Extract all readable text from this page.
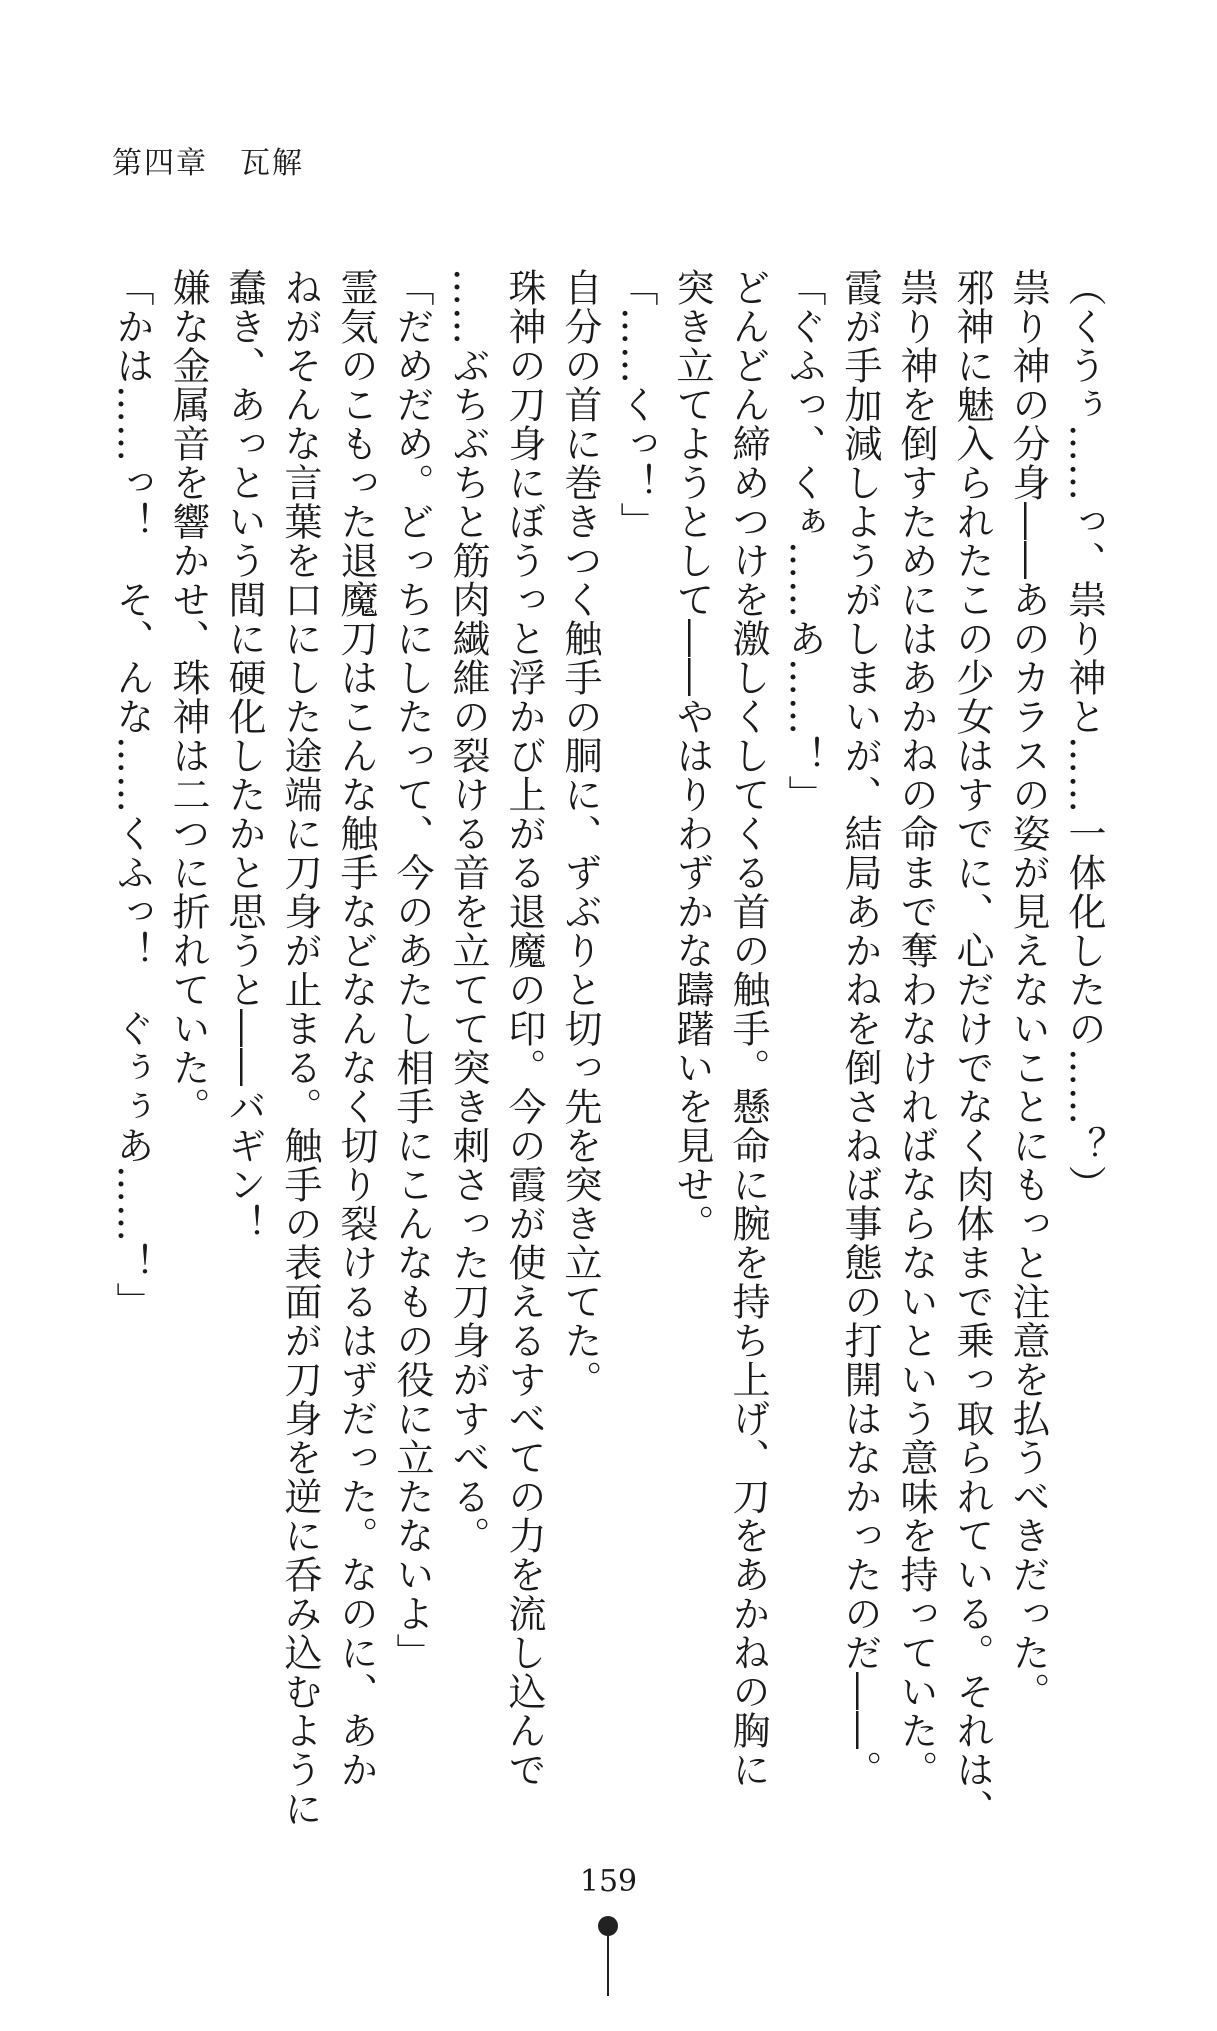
第四章　瓦解

（くうぅ……っ、祟り神と……一体化したの……？）

祟り神の分身――あのカラスの姿が見えないことにもっと注意を払うべきだった。

邪神に魅入られたこの少女はすでに、心だけでなく肉体まで乗っ取られている。それは、

祟り神を倒すためにはあかねの命まで奪わなければならないという意味を持っていた。

霞が手加減しようがしまいが、結局あかねを倒さねば事態の打開はなかったのだ――。

「ぐふっ、くぁ……あ……！」

どんどん締めつけを激しくしてくる首の触手。懸命に腕を持ち上げ、刀をあかねの胸に

突き立てようとして――やはりわずかな躊躇いを見せ。

「……くっ！」

自分の首に巻きつく触手の胴に、ずぶりと切っ先を突き立てた。

珠神の刀身にぼうっと浮かび上がる退魔の印。今の霞が使えるすべての力を流し込んで

……ぶちぶちと筋肉繊維の裂ける音を立てて突き刺さった刀身がすべる。

「だめだめ。どっちにしたって、今のあたし相手にこんなもの役に立たないよ」

霊気のこもった退魔刀はこんな触手などなんなく切り裂けるはずだった。なのに、あか

ねがそんな言葉を口にした途端に刀身が止まる。触手の表面が刀身を逆に呑み込むように

蠢き、あっという間に硬化したかと思うと――バギン！

嫌な金属音を響かせ、珠神は二つに折れていた。

「かは……っ！　そ、んな……くふっ！　ぐぅぅあ……！」

159
